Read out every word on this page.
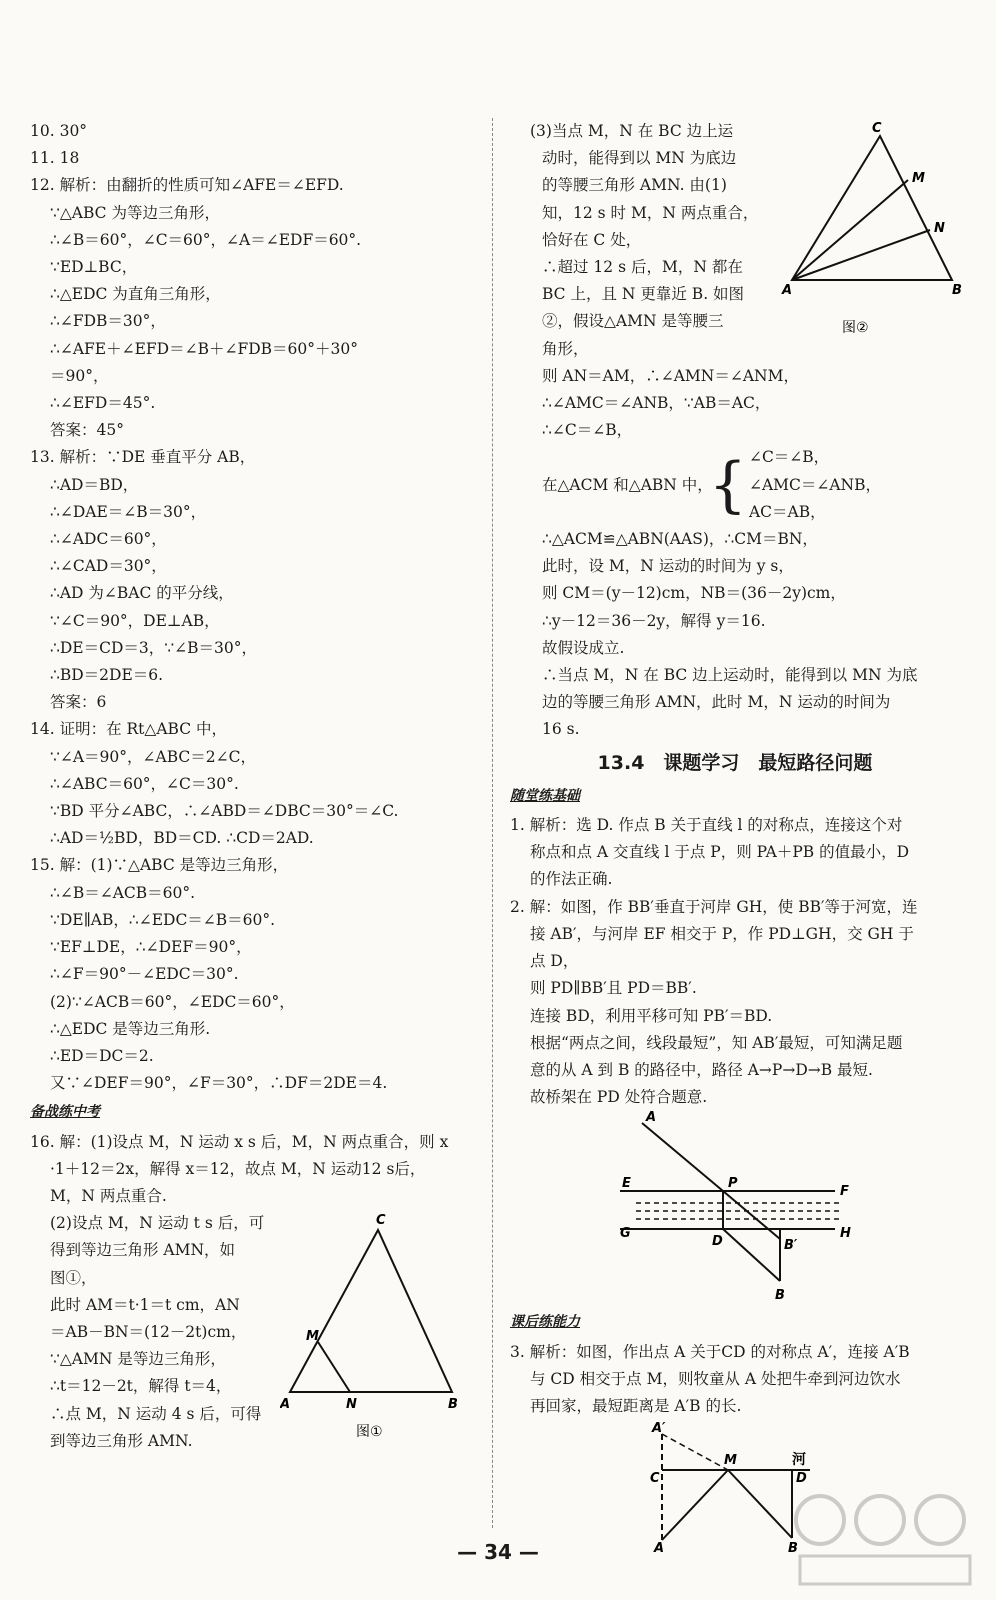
10. 30°
11. 18
12. 解析：由翻折的性质可知∠AFE＝∠EFD.
∵△ABC 为等边三角形，
∴∠B＝60°，∠C＝60°，∠A＝∠EDF＝60°.
∵ED⊥BC，
∴△EDC 为直角三角形，
∴∠FDB＝30°，
∴∠AFE＋∠EFD＝∠B＋∠FDB＝60°＋30°
＝90°，
∴∠EFD＝45°.
答案：45°
13. 解析：∵DE 垂直平分 AB，
∴AD＝BD，
∴∠DAE＝∠B＝30°，
∴∠ADC＝60°，
∴∠CAD＝30°，
∴AD 为∠BAC 的平分线，
∵∠C＝90°，DE⊥AB，
∴DE＝CD＝3，∵∠B＝30°，
∴BD＝2DE＝6.
答案：6
14. 证明：在 Rt△ABC 中，
∵∠A＝90°，∠ABC＝2∠C，
∴∠ABC＝60°，∠C＝30°.
∵BD 平分∠ABC，∴∠ABD＝∠DBC＝30°＝∠C.
∴AD＝½BD，BD＝CD. ∴CD＝2AD.
15. 解：(1)∵△ABC 是等边三角形，
∴∠B＝∠ACB＝60°.
∵DE∥AB，∴∠EDC＝∠B＝60°.
∵EF⊥DE，∴∠DEF＝90°，
∴∠F＝90°－∠EDC＝30°.
(2)∵∠ACB＝60°，∠EDC＝60°，
∴△EDC 是等边三角形.
∴ED＝DC＝2.
又∵∠DEF＝90°，∠F＝30°，∴DF＝2DE＝4.
备战练中考
16. 解：(1)设点 M，N 运动 x s 后，M，N 两点重合，则 x
·1＋12＝2x，解得 x＝12，故点 M，N 运动12 s后，
M，N 两点重合.
(2)设点 M，N 运动 t s 后，可
得到等边三角形 AMN，如
图①，
此时 AM＝t·1＝t cm，AN
＝AB－BN＝(12－2t)cm，
∵△AMN 是等边三角形，
∴t＝12－2t，解得 t＝4，
∴点 M，N 运动 4 s 后，可得
到等边三角形 AMN.
C
M
A	N	B
图①
(3)当点 M，N 在 BC 边上运
动时，能得到以 MN 为底边
的等腰三角形 AMN. 由(1)
知，12 s 时 M，N 两点重合，
恰好在 C 处，
∴超过 12 s 后，M，N 都在
BC 上，且 N 更靠近 B. 如图
②，假设△AMN 是等腰三
角形，
C
M
N
A	B
图②
则 AN＝AM，∴∠AMN＝∠ANM，
∴∠AMC＝∠ANB，∵AB＝AC，
∴∠C＝∠B，
在△ACM 和△ABN 中，
{ ∠C＝∠B，
∠AMC＝∠ANB，
AC＝AB，
∴△ACM≌△ABN(AAS)，∴CM＝BN，
此时，设 M，N 运动的时间为 y s，
则 CM＝(y－12)cm，NB＝(36－2y)cm，
∴y－12＝36－2y，解得 y＝16.
故假设成立.
∴当点 M，N 在 BC 边上运动时，能得到以 MN 为底
边的等腰三角形 AMN，此时 M，N 运动的时间为
16 s.
13.4　课题学习　最短路径问题
随堂练基础
1. 解析：选 D. 作点 B 关于直线 l 的对称点，连接这个对
称点和点 A 交直线 l 于点 P，则 PA＋PB 的值最小，D
的作法正确.
2. 解：如图，作 BB′垂直于河岸 GH，使 BB′等于河宽，连
接 AB′，与河岸 EF 相交于 P，作 PD⊥GH，交 GH 于
点 D，
则 PD∥BB′且 PD＝BB′.
连接 BD，利用平移可知 PB′＝BD.
根据“两点之间，线段最短”，知 AB′最短，可知满足题
意的从 A 到 B 的路径中，路径 A→P→D→B 最短.
故桥架在 PD 处符合题意.
A
E	P
F
G
D	B′
H
B
课后练能力
3. 解析：如图，作出点 A 关于CD 的对称点 A′，连接 A′B
与 CD 相交于点 M，则牧童从 A 处把牛牵到河边饮水
再回家，最短距离是 A′B 的长.
A′
C
M
D
河
A	B
— 34 —
